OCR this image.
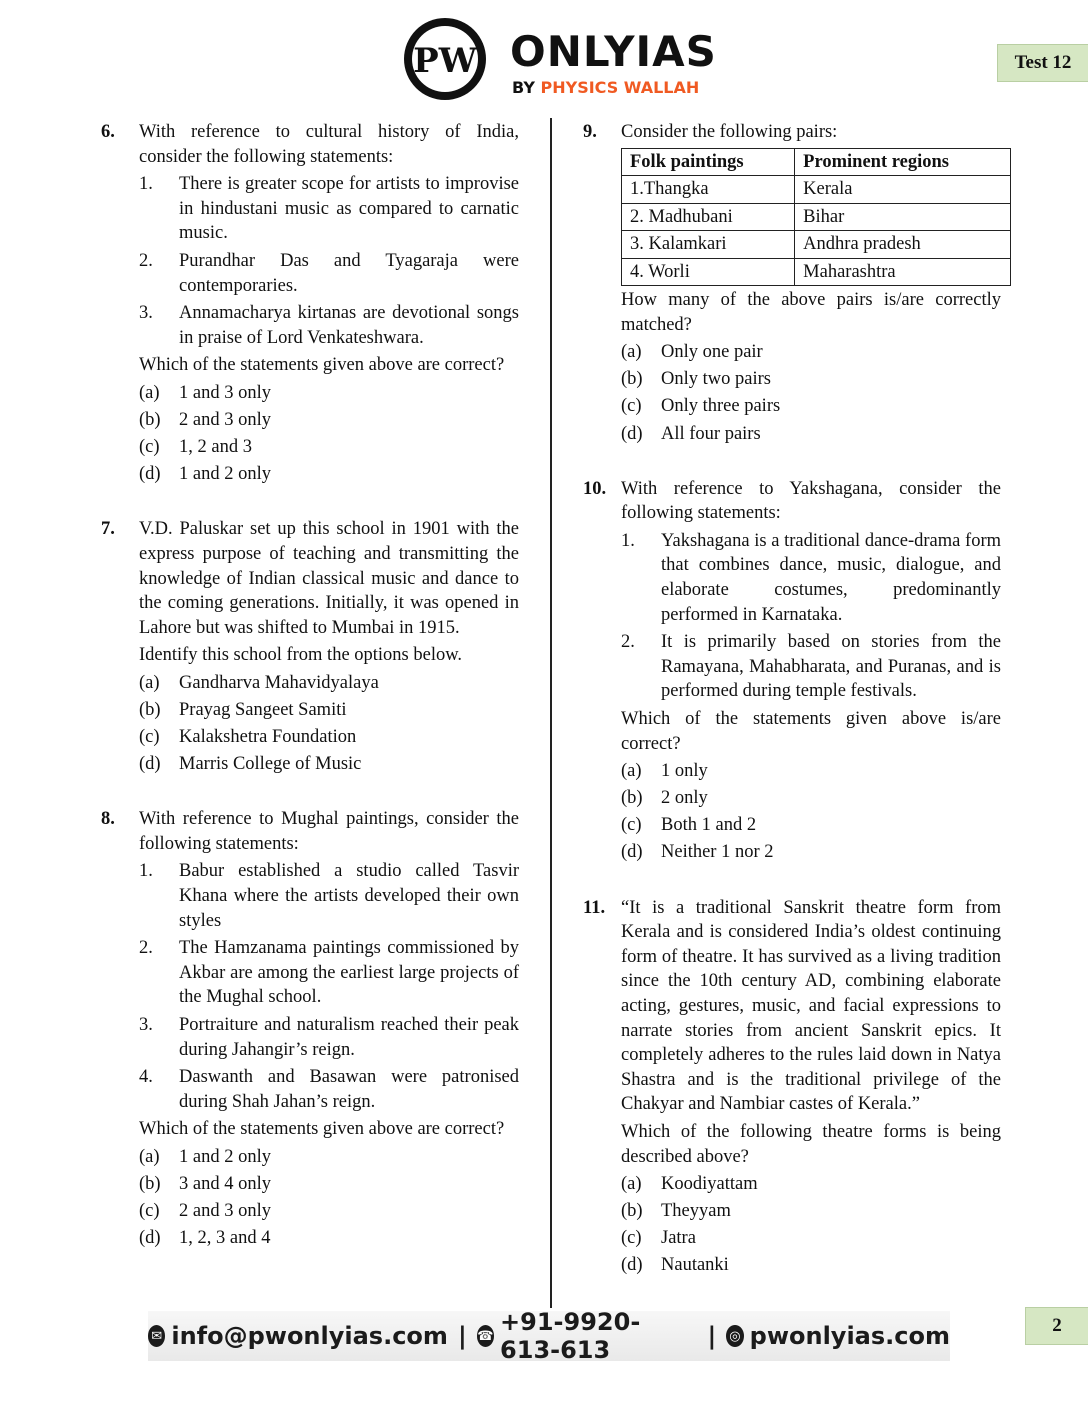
PW ONLYIAS
BY PHYSICS WALLAH
Test 12
6.	With reference to cultural history of India, consider the following statements:

1.	There is greater scope for artists to improvise in hindustani music as compared to carnatic music.
2.	Purandhar Das and Tyagaraja were contemporaries.
3.	Annamacharya kirtanas are devotional songs in praise of Lord Venkateshwara.

Which of the statements given above are correct?

(a)	1 and 3 only
(b) 2 and 3 only
(c)	1, 2 and 3
(d) 1 and 2 only
7.	V.D. Paluskar set up this school in 1901 with the express purpose of teaching and transmitting the knowledge of Indian classical music and dance to the coming generations. Initially, it was opened in Lahore but was shifted to Mumbai in 1915.

Identify this school from the options below.

(a)	Gandharva Mahavidyalaya
(b) Prayag Sangeet Samiti
(c)	Kalakshetra Foundation
(d) Marris College of Music
8.	With reference to Mughal paintings, consider the following statements:

1.	Babur established a studio called Tasvir Khana where the artists developed their own styles
2.	The Hamzanama paintings commissioned by Akbar are among the earliest large projects of the Mughal school.
3.	Portraiture and naturalism reached their peak during Jahangir’s reign.
4.	Daswanth and Basawan were patronised during Shah Jahan’s reign.

Which of the statements given above are correct?

(a)	1 and 2 only
(b) 3 and 4 only
(c)	2 and 3 only
(d) 1, 2, 3 and 4
9.	Consider the following pairs:

Folk paintings	Prominent regions
1.Thangka	Kerala
2. Madhubani	Bihar
3. Kalamkari	Andhra pradesh
4. Worli	Maharashtra

How many of the above pairs is/are correctly matched?

(a)	Only one pair
(b) Only two pairs
(c)	Only three pairs
(d) All four pairs
10. With reference to Yakshagana, consider the following statements:

1.	Yakshagana is a traditional dance-drama form that combines dance, music, dialogue, and elaborate costumes, predominantly performed in Karnataka.
2.	It is primarily based on stories from the Ramayana, Mahabharata, and Puranas, and is performed during temple festivals.

Which of the statements given above is/are correct?

(a)	1 only
(b) 2 only
(c)	Both 1 and 2
(d) Neither 1 nor 2
11. “It is a traditional Sanskrit theatre form from Kerala and is considered India’s oldest continuing form of theatre. It has survived as a living tradition since the 10th century AD, combining elaborate acting, gestures, music, and facial expressions to narrate stories from ancient Sanskrit epics. It completely adheres to the rules laid down in Natya Shastra and is the traditional privilege of the Chakyar and Nambiar castes of Kerala.”

Which of the following theatre forms is being described above?

(a)	Koodiyattam
(b) Theyyam
(c)	Jatra
(d) Nautanki
✉ info@pwonlyias.com | ☎ +91-9920-613-613	| ◎ pwonlyias.com	2
